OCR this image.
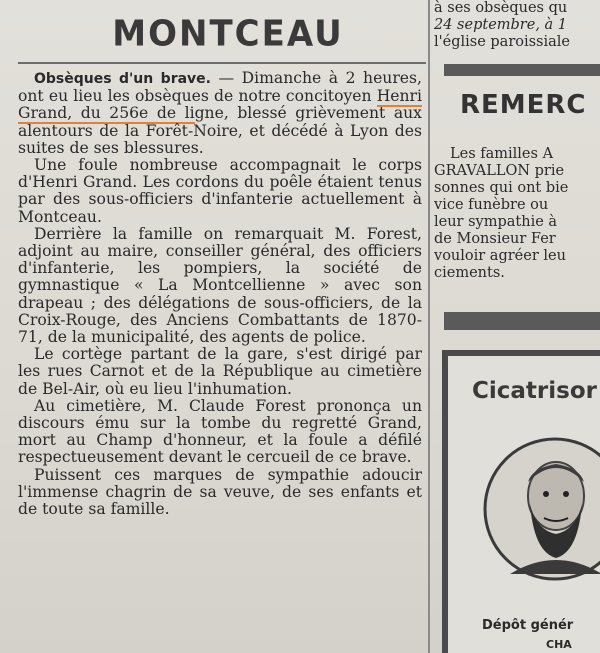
MONTCEAU

Obsèques d'un brave. — Dimanche à 2 heures, ont eu lieu les obsèques de notre concitoyen Henri Grand, du 256e de ligne, blessé grièvement aux alentours de la Forêt-Noire, et décédé à Lyon des suites de ses blessures.

Une foule nombreuse accompagnait le corps d'Henri Grand. Les cordons du poêle étaient tenus par des sous-officiers d'infanterie actuellement à Montceau.

Derrière la famille on remarquait M. Forest, adjoint au maire, conseiller général, des officiers d'infanterie, les pompiers, la société de gymnastique « La Montcellienne » avec son drapeau ; des délégations de sous-officiers, de la Croix-Rouge, des Anciens Combattants de 1870-71, de la municipalité, des agents de police.

Le cortège partant de la gare, s'est dirigé par les rues Carnot et de la République au cimetière de Bel-Air, où eu lieu l'inhumation.

Au cimetière, M. Claude Forest prononça un discours ému sur la tombe du regretté Grand, mort au Champ d'honneur, et la foule a défilé respectueusement devant le cercueil de ce brave.

Puissent ces marques de sympathie adoucir l'immense chagrin de sa veuve, de ses enfants et de toute sa famille.

à ses obsèques qu
24 septembre, à 1
l'église paroissiale
REMERC
Les familles A
GRAVALLON prie
sonnes qui ont bie
vice funèbre ou
leur sympathie à
de Monsieur Fer
vouloir agréer leu
ciements.
Cicatrisor
Dépôt génér
CHA
